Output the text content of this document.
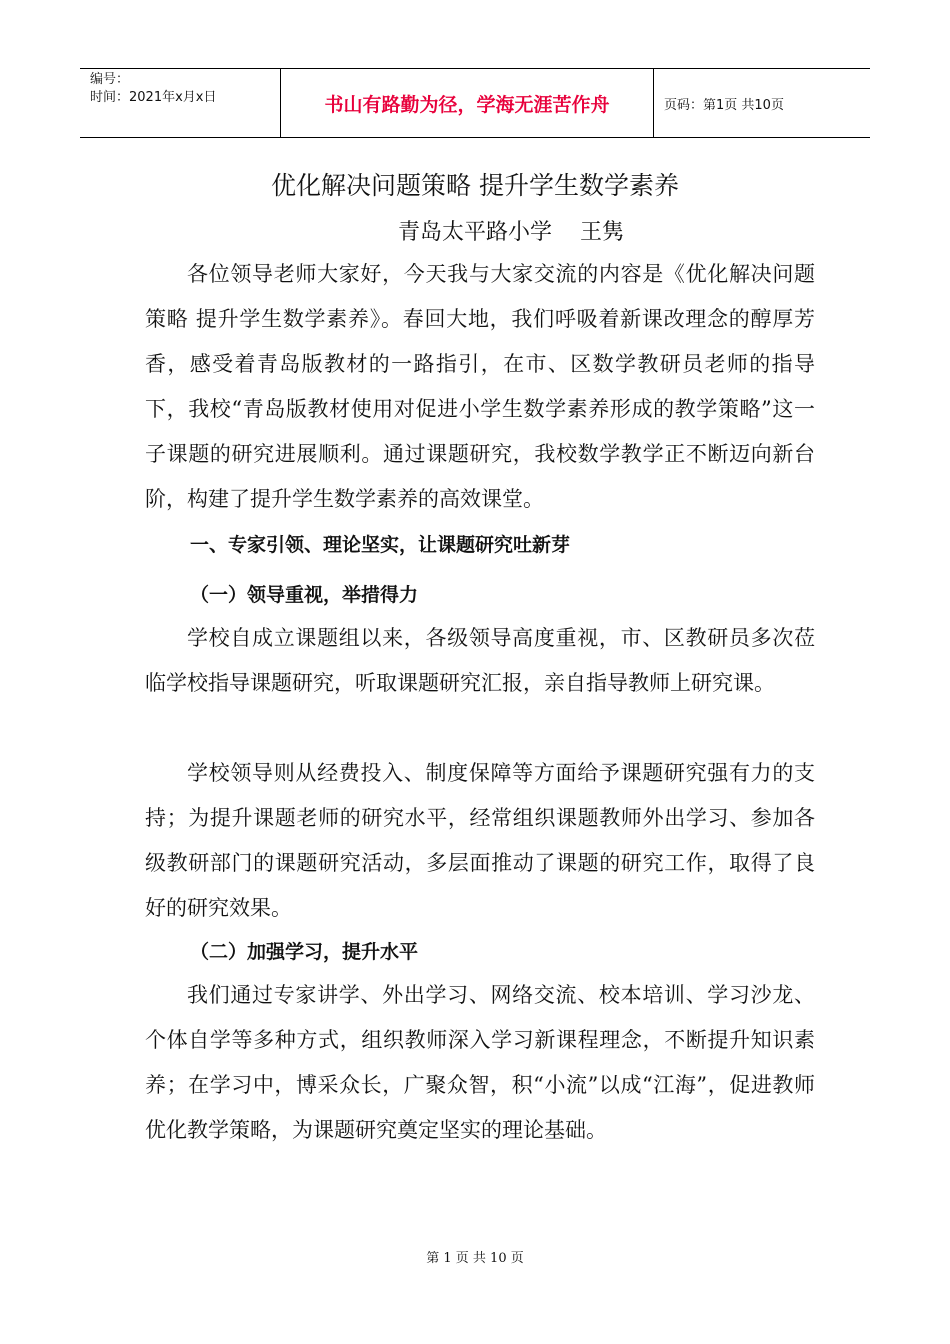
编号：
时间：2021年x月x日	书山有路勤为径，学海无涯苦作舟	页码：第1页 共10页
优化解决问题策略 提升学生数学素养
青岛太平路小学    王隽

各位领导老师大家好，今天我与大家交流的内容是《优化解决问题策略 提升学生数学素养》。春回大地，我们呼吸着新课改理念的醇厚芳香，感受着青岛版教材的一路指引，在市、区数学教研员老师的指导下，我校“青岛版教材使用对促进小学生数学素养形成的教学策略”这一子课题的研究进展顺利。通过课题研究，我校数学教学正不断迈向新台阶，构建了提升学生数学素养的高效课堂。

一、专家引领、理论坚实，让课题研究吐新芽
（一）领导重视，举措得力

学校自成立课题组以来，各级领导高度重视，市、区教研员多次莅临学校指导课题研究，听取课题研究汇报，亲自指导教师上研究课。

学校领导则从经费投入、制度保障等方面给予课题研究强有力的支持；为提升课题老师的研究水平，经常组织课题教师外出学习、参加各级教研部门的课题研究活动，多层面推动了课题的研究工作，取得了良好的研究效果。

（二）加强学习，提升水平

我们通过专家讲学、外出学习、网络交流、校本培训、学习沙龙、个体自学等多种方式，组织教师深入学习新课程理念，不断提升知识素养；在学习中，博采众长，广聚众智，积“小流”以成“江海”，促进教师优化教学策略，为课题研究奠定坚实的理论基础。

第 1 页 共 10 页
